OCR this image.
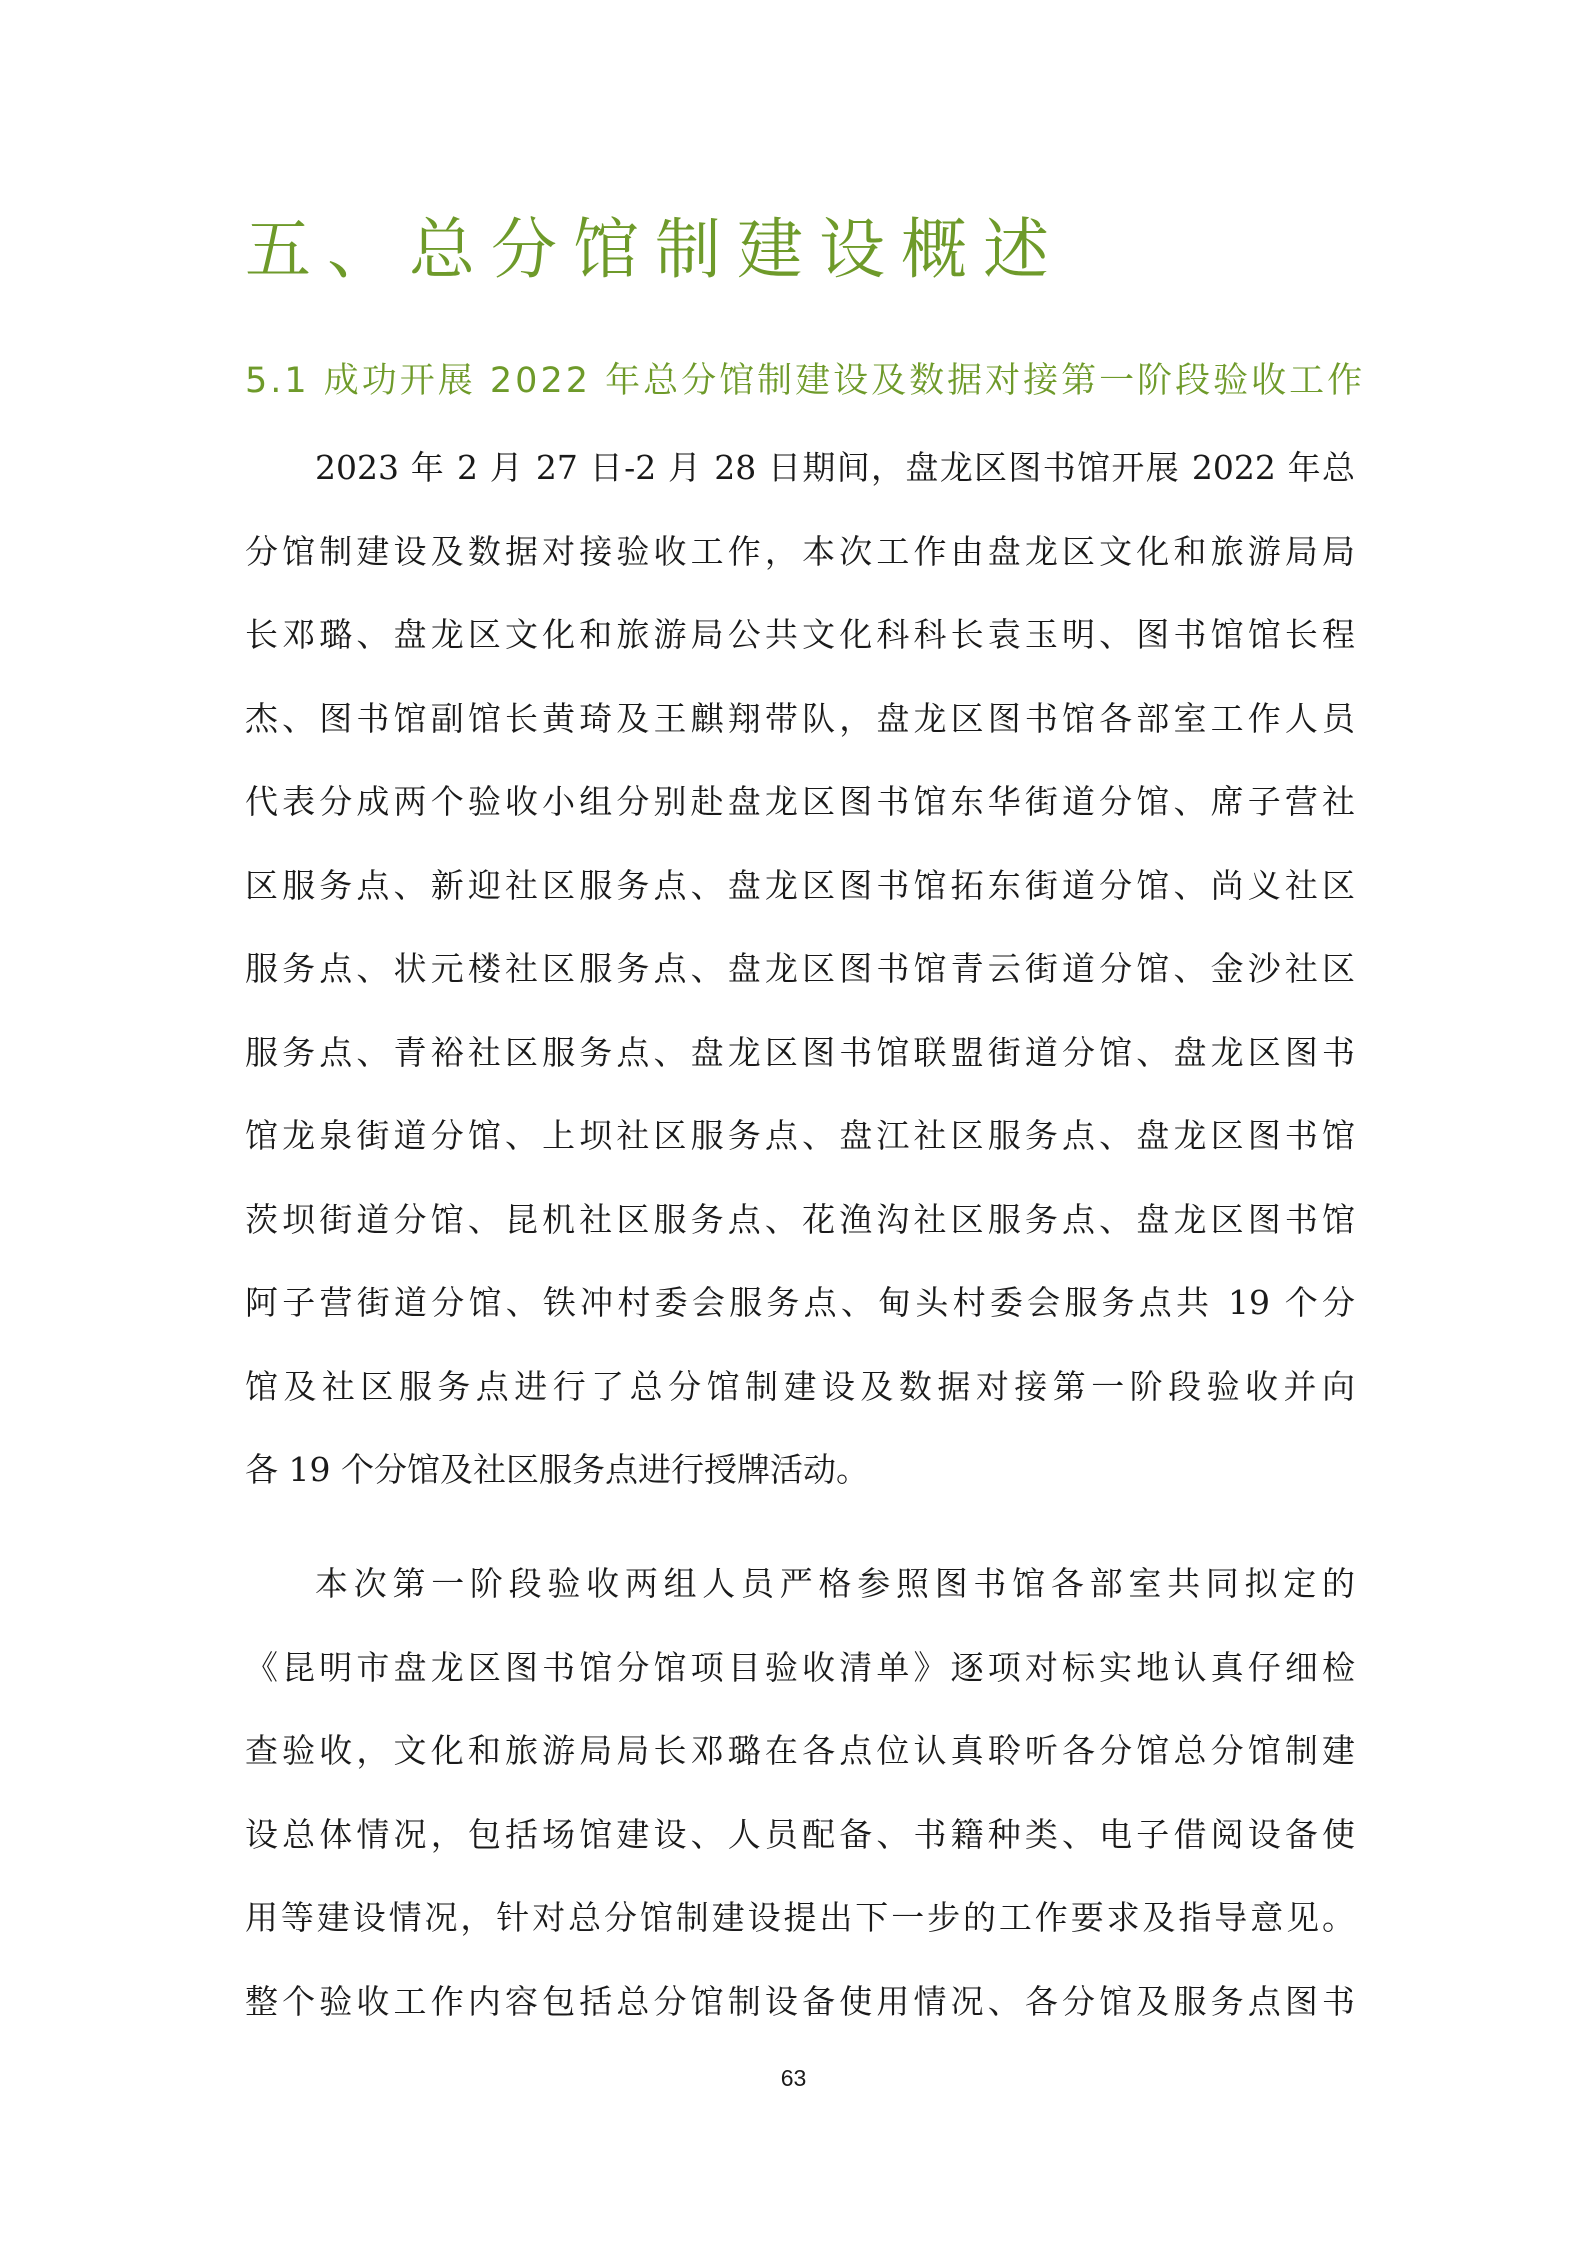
五、总分馆制建设概述
5.1 成功开展 2022 年总分馆制建设及数据对接第一阶段验收工作
2023 年 2 月 27 日-2 月 28 日期间，盘龙区图书馆开展 2022 年总
分馆制建设及数据对接验收工作，本次工作由盘龙区文化和旅游局局
长邓璐、盘龙区文化和旅游局公共文化科科长袁玉明、图书馆馆长程
杰、图书馆副馆长黄琦及王麒翔带队，盘龙区图书馆各部室工作人员
代表分成两个验收小组分别赴盘龙区图书馆东华街道分馆、席子营社
区服务点、新迎社区服务点、盘龙区图书馆拓东街道分馆、尚义社区
服务点、状元楼社区服务点、盘龙区图书馆青云街道分馆、金沙社区
服务点、青裕社区服务点、盘龙区图书馆联盟街道分馆、盘龙区图书
馆龙泉街道分馆、上坝社区服务点、盘江社区服务点、盘龙区图书馆
茨坝街道分馆、昆机社区服务点、花渔沟社区服务点、盘龙区图书馆
阿子营街道分馆、铁冲村委会服务点、甸头村委会服务点共 19 个分
馆及社区服务点进行了总分馆制建设及数据对接第一阶段验收并向
各 19 个分馆及社区服务点进行授牌活动。
本次第一阶段验收两组人员严格参照图书馆各部室共同拟定的
《昆明市盘龙区图书馆分馆项目验收清单》逐项对标实地认真仔细检
查验收，文化和旅游局局长邓璐在各点位认真聆听各分馆总分馆制建
设总体情况，包括场馆建设、人员配备、书籍种类、电子借阅设备使
用等建设情况，针对总分馆制建设提出下一步的工作要求及指导意见。
整个验收工作内容包括总分馆制设备使用情况、各分馆及服务点图书
63
